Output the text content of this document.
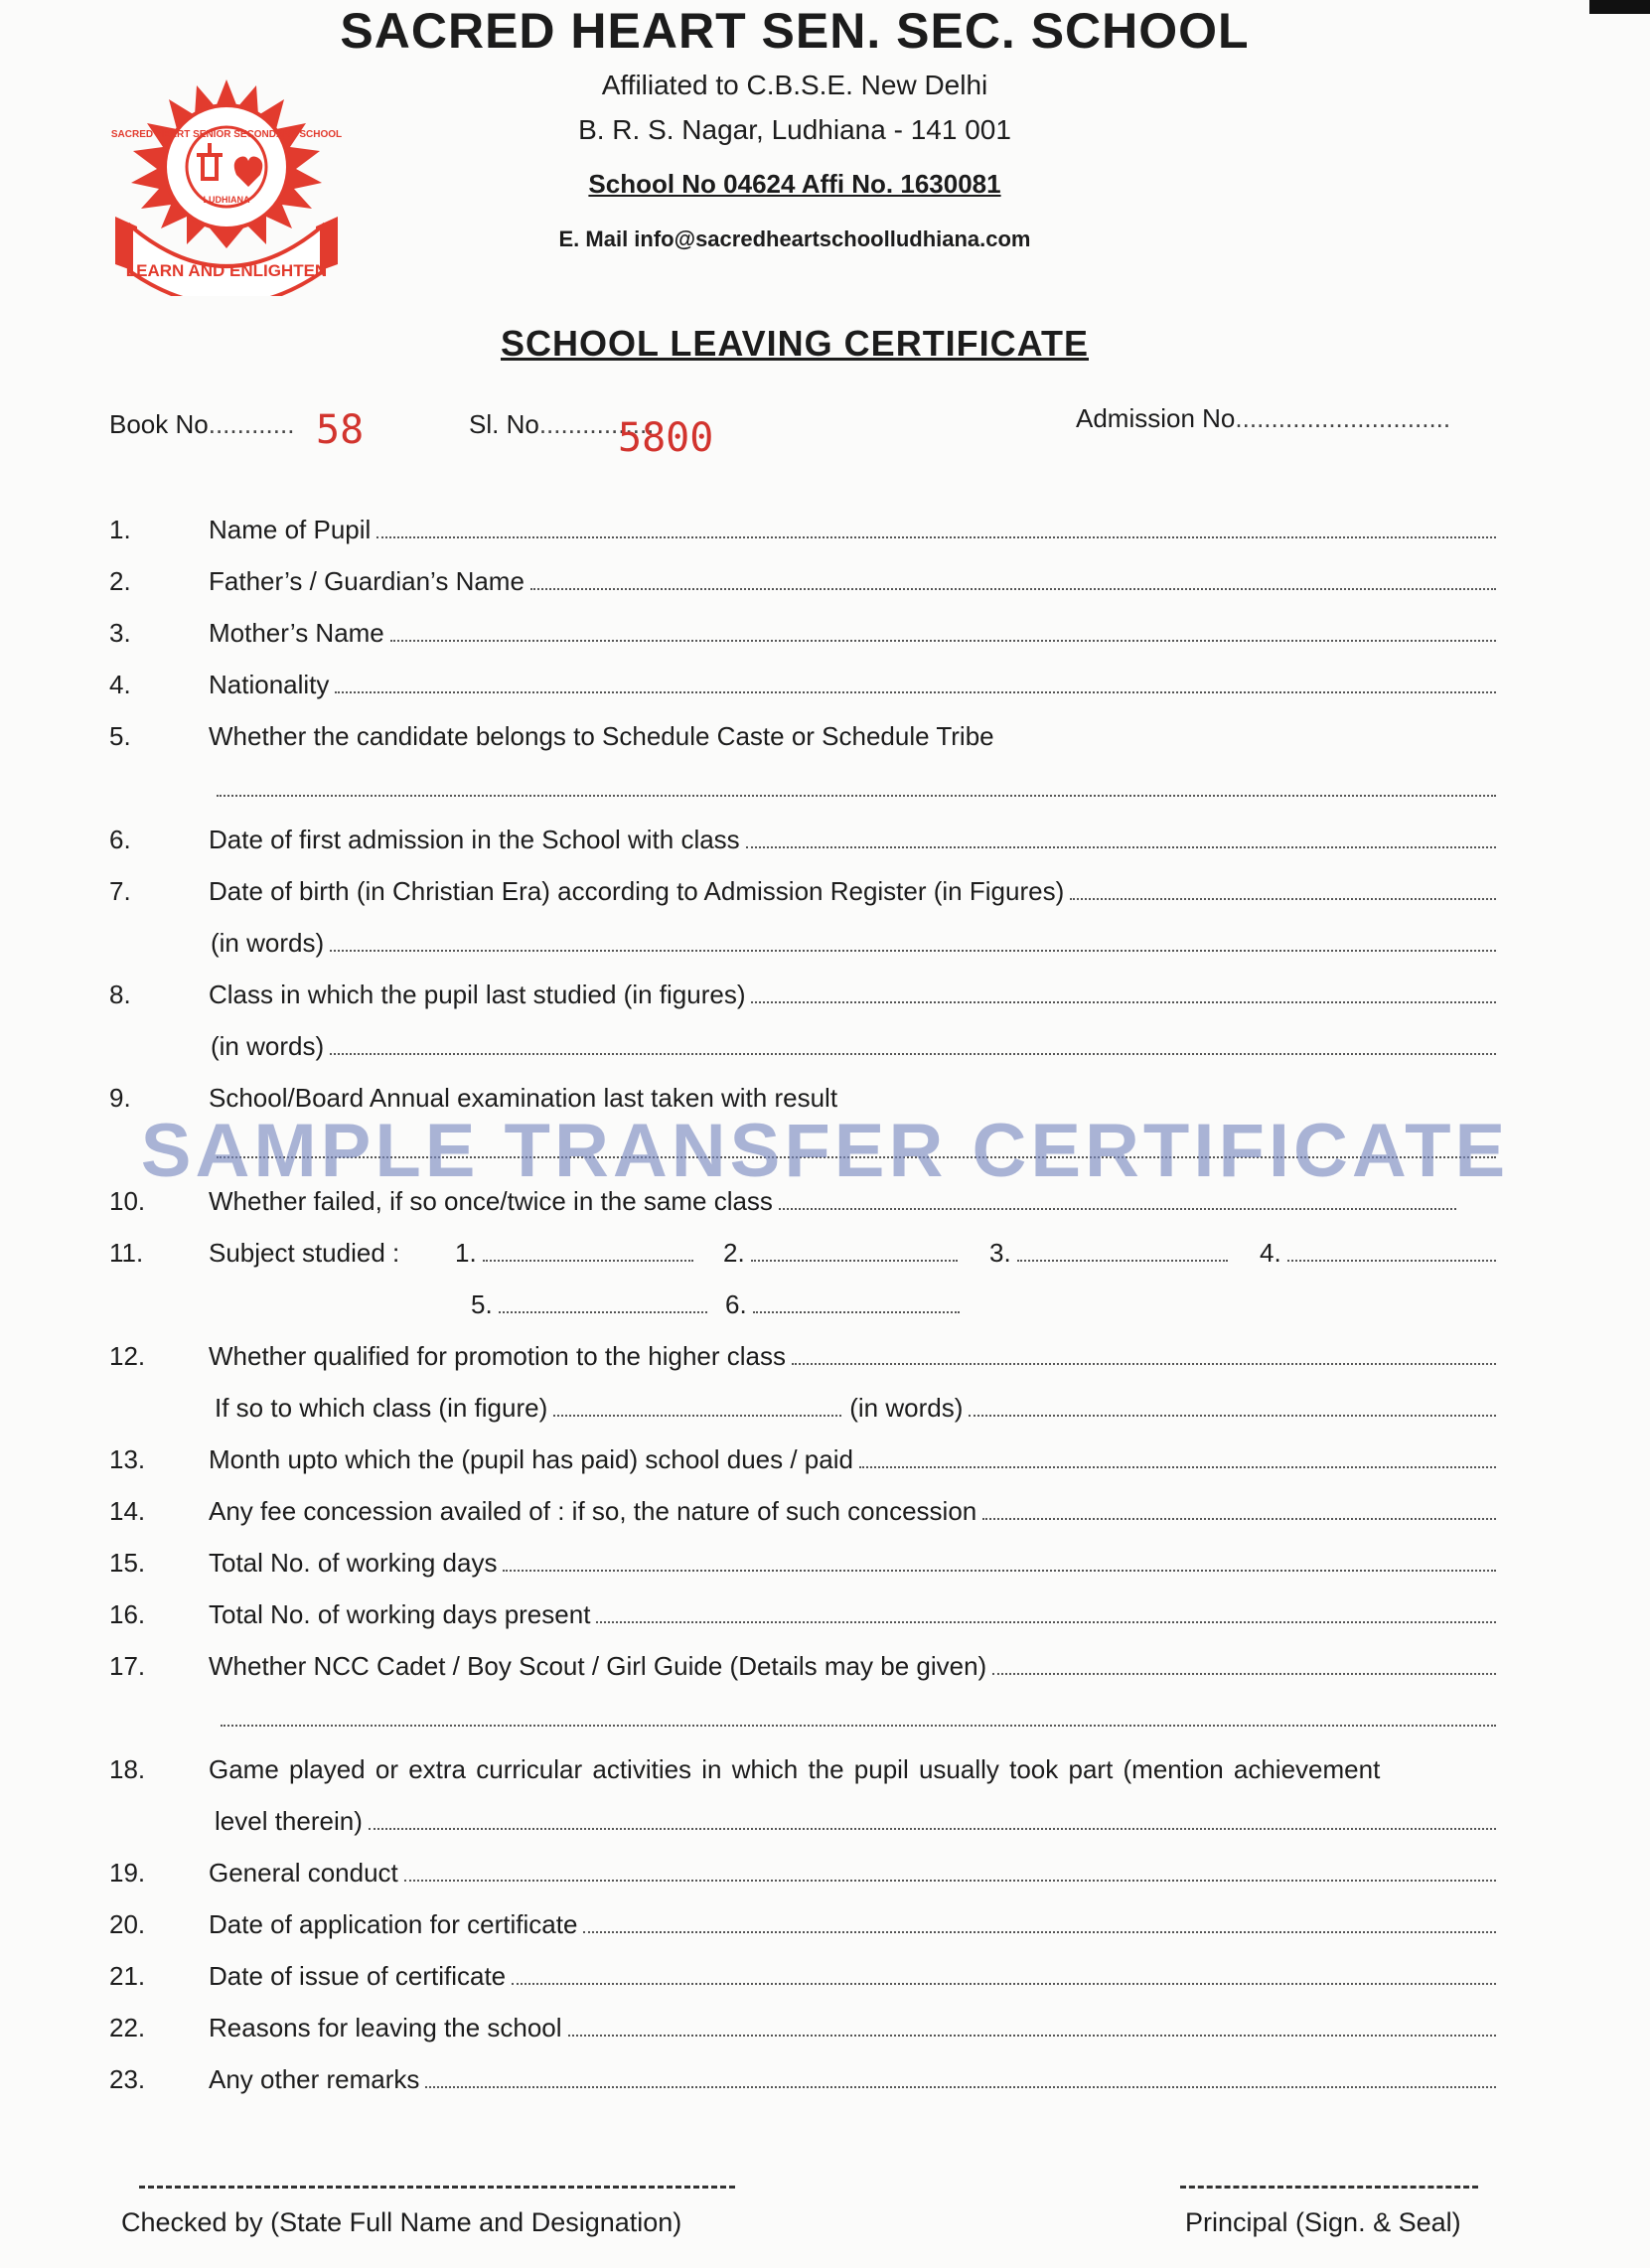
SACRED HEART SENIOR SECONDARY SCHOOL
LUDHIANA
LEARN AND ENLIGHTEN
SACRED HEART SEN. SEC. SCHOOL
Affiliated to C.B.S.E. New Delhi
B. R. S. Nagar, Ludhiana - 141 001
School No 04624 Affi No. 1630081
E. Mail info@sacredheartschoolludhiana.com
SCHOOL LEAVING CERTIFICATE
Book No............ 58	Sl. No................
5800	Admission No..............................
1.	Name of Pupil
2.	Father’s / Guardian’s Name
3.	Mother’s Name
4.	Nationality
5.	Whether the candidate belongs to Schedule Caste or Schedule Tribe
6.	Date of first admission in the School with class
7.	Date of birth (in Christian Era) according to Admission Register (in Figures)
(in words)
8.	Class in which the pupil last studied (in figures)
(in words)
9.	School/Board Annual examination last taken with result
10.	Whether failed, if so once/twice in the same class
11.	Subject studied : 1.	2.	3.	4.
5.	6.
12.	Whether qualified for promotion to the higher class
If so to which class (in figure)	(in words)
13.	Month upto which the (pupil has paid) school dues / paid
14.	Any fee concession availed of : if so, the nature of such concession
15.	Total No. of working days
16.	Total No. of working days present
17.	Whether NCC Cadet / Boy Scout / Girl Guide (Details may be given)
18.	Game played or extra curricular activities in which the pupil usually took part (mention achievement
level therein)
19.	General conduct
20.	Date of application for certificate
21.	Date of issue of certificate
22.	Reasons for leaving the school
23.	Any other remarks
SAMPLE TRANSFER CERTIFICATE
Checked by (State Full Name and Designation)	Principal (Sign. & Seal)
